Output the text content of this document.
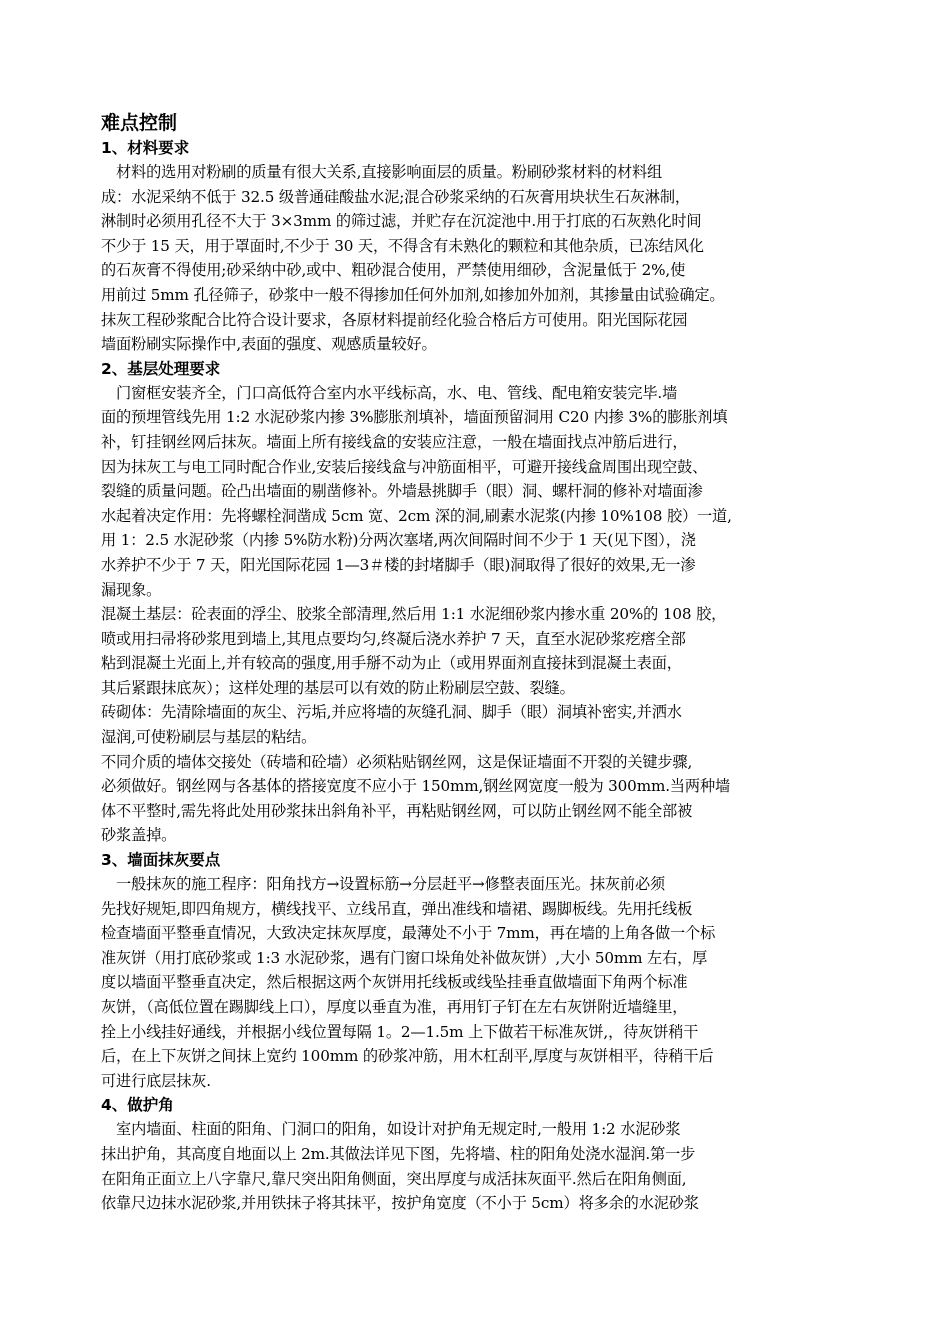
难点控制
1、材料要求

　材料的选用对粉刷的质量有很大关系,直接影响面层的质量。粉刷砂浆材料的材料组
成：水泥采纳不低于 32.5 级普通硅酸盐水泥;混合砂浆采纳的石灰膏用块状生石灰淋制，
淋制时必须用孔径不大于 3×3mm 的筛过滤，并贮存在沉淀池中.用于打底的石灰熟化时间
不少于 15 天，用于罩面时,不少于 30 天，不得含有未熟化的颗粒和其他杂质，已冻结风化
的石灰膏不得使用;砂采纳中砂,或中、粗砂混合使用，严禁使用细砂，含泥量低于 2%,使
用前过 5mm 孔径筛子，砂浆中一般不得掺加任何外加剂,如掺加外加剂，其掺量由试验确定。
抹灰工程砂浆配合比符合设计要求，各原材料提前经化验合格后方可使用。阳光国际花园
墙面粉刷实际操作中,表面的强度、观感质量较好。

2、基层处理要求

　门窗框安装齐全，门口高低符合室内水平线标高，水、电、管线、配电箱安装完毕.墙
面的预埋管线先用 1:2 水泥砂浆内掺 3%膨胀剂填补，墙面预留洞用 C20 内掺 3%的膨胀剂填
补，钉挂钢丝网后抹灰。墙面上所有接线盒的安装应注意，一般在墙面找点冲筋后进行，
因为抹灰工与电工同时配合作业,安装后接线盒与冲筋面相平，可避开接线盒周围出现空鼓、
裂缝的质量问题。砼凸出墙面的剔凿修补。外墙悬挑脚手（眼）洞、螺杆洞的修补对墙面渗
水起着决定作用：先将螺栓洞凿成 5cm 宽、2cm 深的洞,刷素水泥浆(内掺 10%108 胶）一道,
用 1：2.5 水泥砂浆（内掺 5%防水粉)分两次塞堵,两次间隔时间不少于 1 天(见下图），浇
水养护不少于 7 天，阳光国际花园 1—3＃楼的封堵脚手（眼)洞取得了很好的效果,无一渗
漏现象。

混凝土基层：砼表面的浮尘、胶浆全部清理,然后用 1:1 水泥细砂浆内掺水重 20%的 108 胶，
喷或用扫帚将砂浆甩到墙上,其甩点要均匀,终凝后浇水养护 7 天，直至水泥砂浆疙瘩全部
粘到混凝土光面上,并有较高的强度,用手掰不动为止（或用界面剂直接抹到混凝土表面，
其后紧跟抹底灰）；这样处理的基层可以有效的防止粉刷层空鼓、裂缝。

砖砌体：先清除墙面的灰尘、污垢,并应将墙的灰缝孔洞、脚手（眼）洞填补密实,并洒水
湿润,可使粉刷层与基层的粘结。

不同介质的墙体交接处（砖墙和砼墙）必须粘贴钢丝网，这是保证墙面不开裂的关键步骤,
必须做好。钢丝网与各基体的搭接宽度不应小于 150mm,钢丝网宽度一般为 300mm.当两种墙
体不平整时,需先将此处用砂浆抹出斜角补平，再粘贴钢丝网，可以防止钢丝网不能全部被
砂浆盖掉。

3、墙面抹灰要点

　一般抹灰的施工程序：阳角找方→设置标筋→分层赶平→修整表面压光。抹灰前必须
先找好规矩,即四角规方，横线找平、立线吊直，弹出准线和墙裙、踢脚板线。先用托线板
检查墙面平整垂直情况，大致决定抹灰厚度，最薄处不小于 7mm，再在墙的上角各做一个标
准灰饼（用打底砂浆或 1:3 水泥砂浆，遇有门窗口垛角处补做灰饼）,大小 50mm 左右，厚
度以墙面平整垂直决定，然后根据这两个灰饼用托线板或线坠挂垂直做墙面下角两个标准
灰饼，（高低位置在踢脚线上口），厚度以垂直为准，再用钉子钉在左右灰饼附近墙缝里，
拴上小线挂好通线，并根据小线位置每隔 1。2—1.5m 上下做若干标准灰饼,，待灰饼稍干
后，在上下灰饼之间抹上宽约 100mm 的砂浆冲筋，用木杠刮平,厚度与灰饼相平，待稍干后
可进行底层抹灰.

4、做护角

　室内墙面、柱面的阳角、门洞口的阳角，如设计对护角无规定时,一般用 1:2 水泥砂浆
抹出护角，其高度自地面以上 2m.其做法详见下图，先将墙、柱的阳角处浇水湿润.第一步
在阳角正面立上八字靠尺,靠尺突出阳角侧面，突出厚度与成活抹灰面平.然后在阳角侧面,
依靠尺边抹水泥砂浆,并用铁抹子将其抹平，按护角宽度（不小于 5cm）将多余的水泥砂浆
